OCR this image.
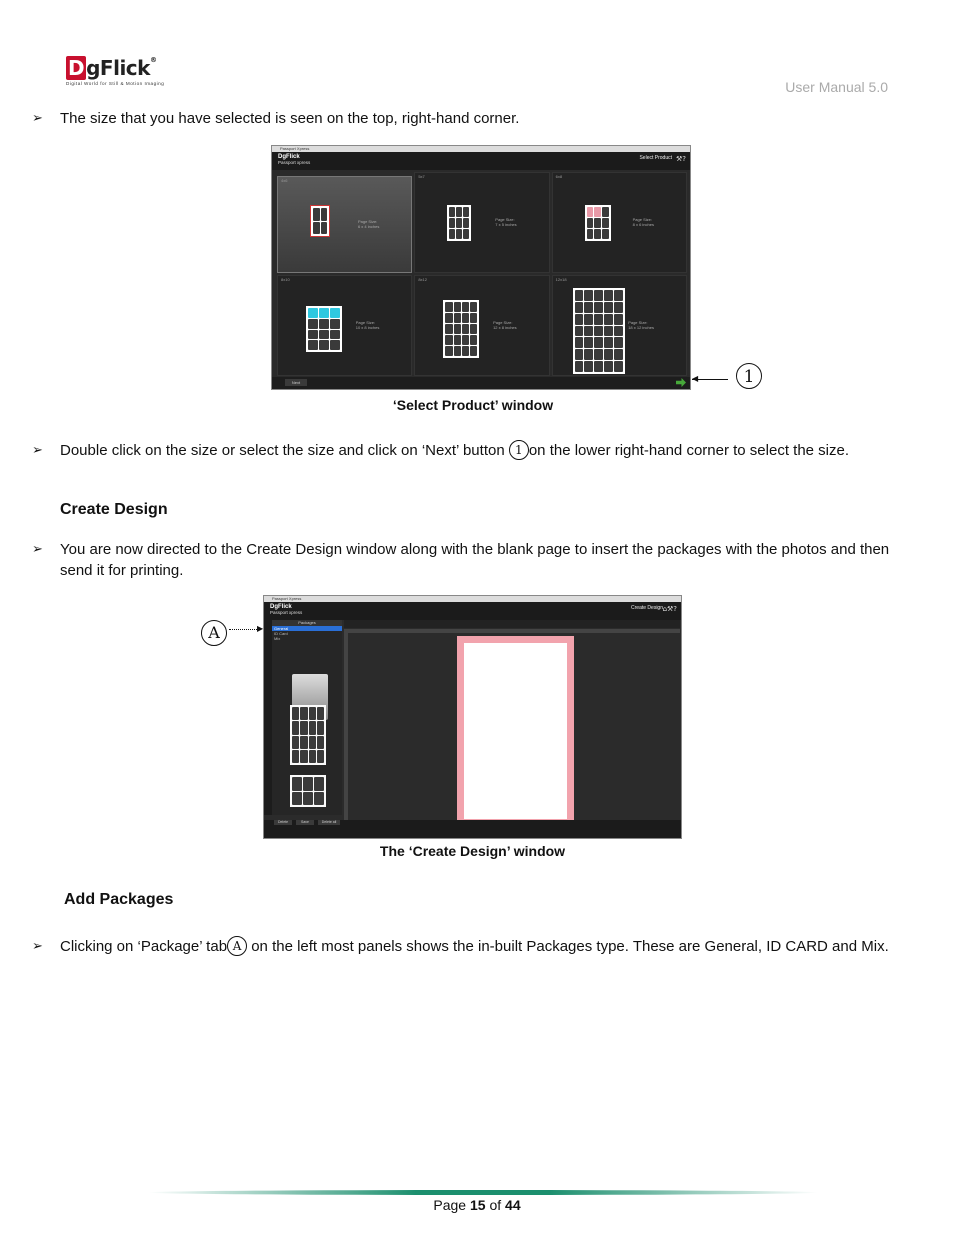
D gFlick®
Digital World for Still & Motion Imaging	User Manual 5.0
➢ The size that you have selected is seen on the top, right-hand corner.
Passport Xpress
DgFlick
Passport xpress
Select Product ⚒?
4x6
Page Size:
6 x 4 inches
5x7
Page Size:
7 x 5 inches
6x8
Page Size:
8 x 6 inches
8x10
Page Size:
10 x 8 inches
8x12
Page Size:
12 x 8 inches
12x18
Page Size:
18 x 12 inches
Next	◀	1
‘Select Product’ window
➢ Double click on the size or select the size and click on ‘Next’ button 1 on the lower right-hand corner to select the size.
Create Design
➢ You are now directed to the Create Design window along with the blank page to insert the packages with the photos and then send it for printing.
A	▶
Passport Xpress
DgFlick
Passport xpress
Create Design ⌂⚒?
Packages
General
ID Card
Mix
Delete	Save	Delete all
The ‘Create Design’ window
Add Packages
➢ Clicking on ‘Package’ tab A on the left most panels shows the in-built Packages type. These are General, ID CARD and Mix.
Page 15 of 44
